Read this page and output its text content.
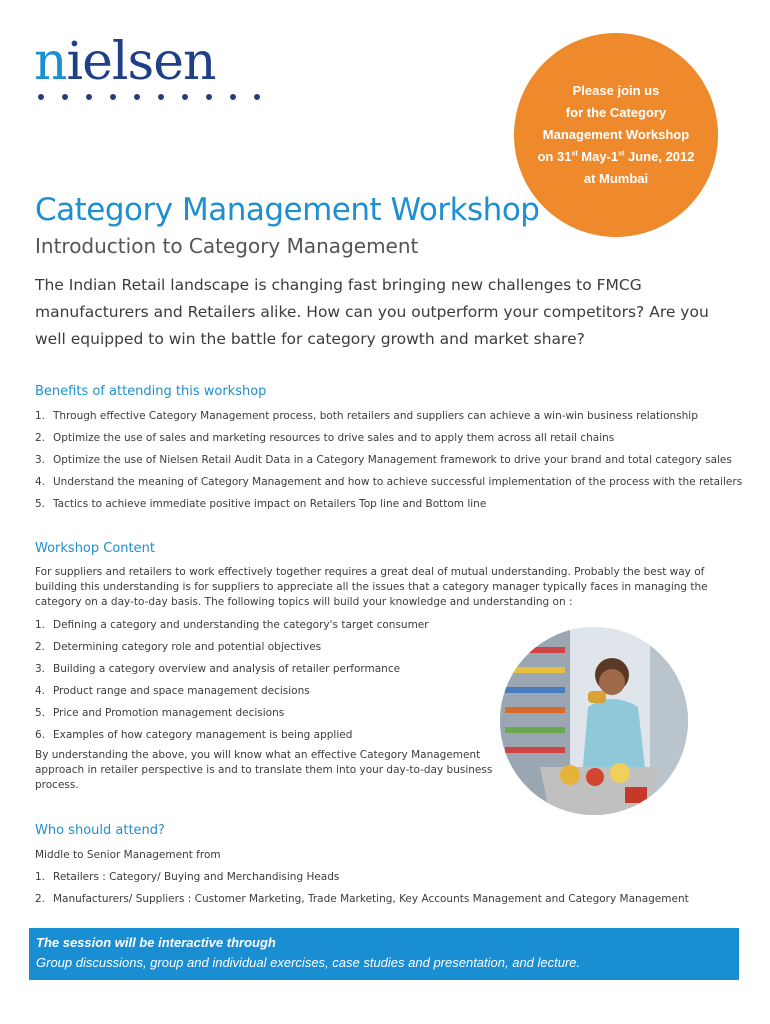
nielsen	Please join us
for the Category
Management Workshop
on 31st May-1st June, 2012
at Mumbai
Category Management Workshop
Introduction to Category Management

The Indian Retail landscape is changing fast bringing new challenges to FMCG manufacturers and Retailers alike. How can you outperform your competitors? Are you well equipped to win the battle for category growth and market share?

Benefits of attending this workshop
1. Through effective Category Management process, both retailers and suppliers can achieve a win-win business relationship
2. Optimize the use of sales and marketing resources to drive sales and to apply them across all retail chains
3. Optimize the use of Nielsen Retail Audit Data in a Category Management framework to drive your brand and total category sales
4. Understand the meaning of Category Management and how to achieve successful implementation of the process with the retailers
5. Tactics to achieve immediate positive impact on Retailers Top line and Bottom line
Workshop Content

For suppliers and retailers to work effectively together requires a great deal of mutual understanding. Probably the best way of building this understanding is for suppliers to appreciate all the issues that a category manager typically faces in managing the category on a day-to-day basis. The following topics will build your knowledge and understanding on :

1. Defining a category and understanding the category's target consumer
2. Determining category role and potential objectives
3. Building a category overview and analysis of retailer performance
4. Product range and space management decisions
5. Price and Promotion management decisions
6. Examples of how category management is being applied

By understanding the above, you will know what an effective Category Management approach in retailer perspective is and to translate them into your day-to-day business process.

Who should attend?

Middle to Senior Management from

1. Retailers : Category/ Buying and Merchandising Heads
2. Manufacturers/ Suppliers : Customer Marketing, Trade Marketing, Key Accounts Management and Category Management
The session will be interactive through
Group discussions, group and individual exercises, case studies and presentation, and lecture.
